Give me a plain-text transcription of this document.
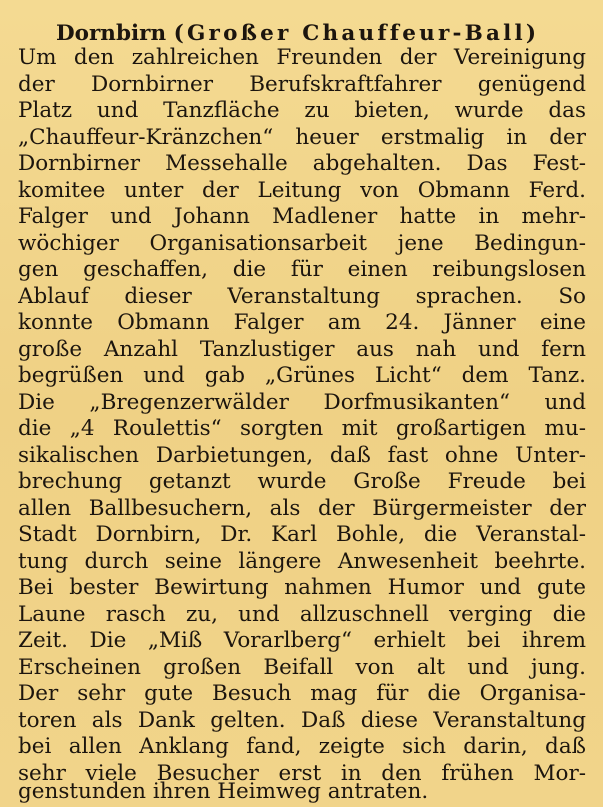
Dornbirn (Großer Chauffeur-Ball)
Um den zahlreichen Freunden der Vereinigung
der Dornbirner Berufskraftfahrer genügend
Platz und Tanzfläche zu bieten, wurde das
„Chauffeur-Kränzchen“ heuer erstmalig in der
Dornbirner Messehalle abgehalten. Das Fest-
komitee unter der Leitung von Obmann Ferd.
Falger und Johann Madlener hatte in mehr-
wöchiger Organisationsarbeit jene Bedingun-
gen geschaffen, die für einen reibungslosen
Ablauf dieser Veranstaltung sprachen. So
konnte Obmann Falger am 24. Jänner eine
große Anzahl Tanzlustiger aus nah und fern
begrüßen und gab „Grünes Licht“ dem Tanz.
Die „Bregenzerwälder Dorfmusikanten“ und
die „4 Roulettis“ sorgten mit großartigen mu-
sikalischen Darbietungen, daß fast ohne Unter-
brechung getanzt wurde Große Freude bei
allen Ballbesuchern, als der Bürgermeister der
Stadt Dornbirn, Dr. Karl Bohle, die Veranstal-
tung durch seine längere Anwesenheit beehrte.
Bei bester Bewirtung nahmen Humor und gute
Laune rasch zu, und allzuschnell verging die
Zeit. Die „Miß Vorarlberg“ erhielt bei ihrem
Erscheinen großen Beifall von alt und jung.
Der sehr gute Besuch mag für die Organisa-
toren als Dank gelten. Daß diese Veranstaltung
bei allen Anklang fand, zeigte sich darin, daß
sehr viele Besucher erst in den frühen Mor-
genstunden ihren Heimweg antraten.
